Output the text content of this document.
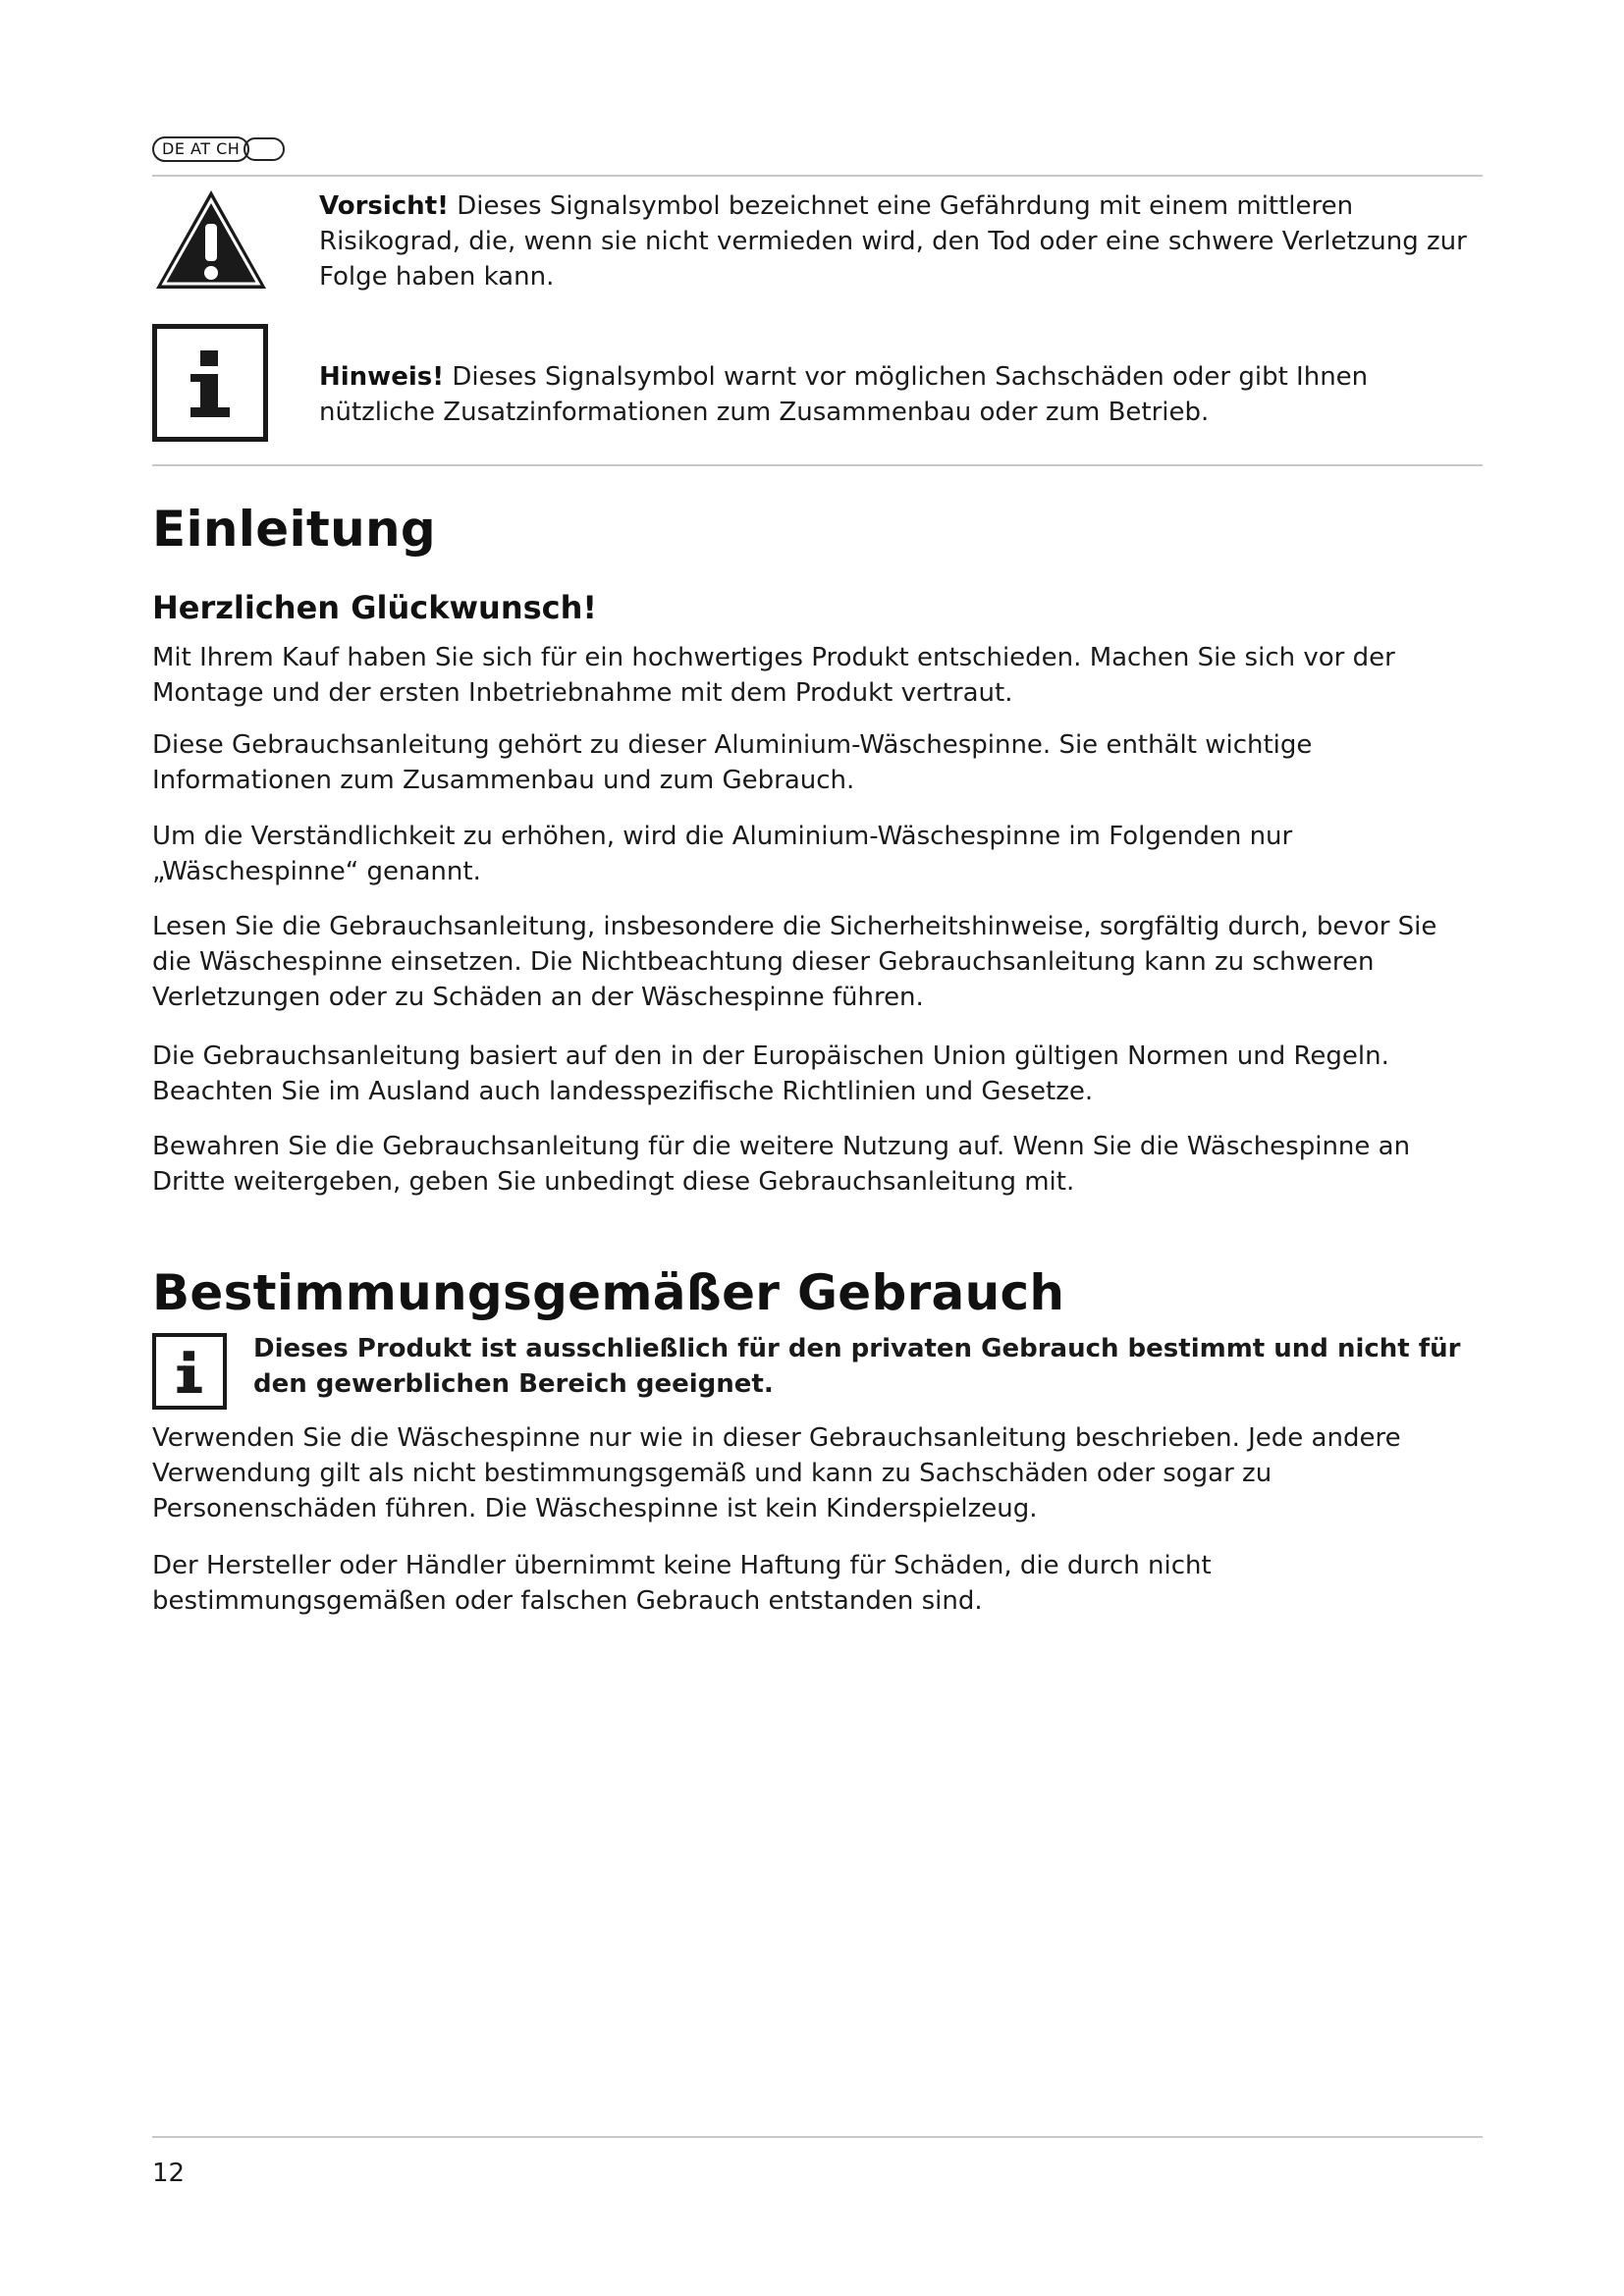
DE AT CH

Vorsicht! Dieses Signalsymbol bezeichnet eine Gefährdung mit einem mittleren Risikograd, die, wenn sie nicht vermieden wird, den Tod oder eine schwere Verletzung zur Folge haben kann.

Hinweis! Dieses Signalsymbol warnt vor möglichen Sachschäden oder gibt Ihnen nützliche Zusatzinformationen zum Zusammenbau oder zum Betrieb.

Einleitung
Herzlichen Glückwunsch!

Mit Ihrem Kauf haben Sie sich für ein hochwertiges Produkt entschieden. Machen Sie sich vor der Montage und der ersten Inbetriebnahme mit dem Produkt vertraut.

Diese Gebrauchsanleitung gehört zu dieser Aluminium-Wäschespinne. Sie enthält wichtige Informationen zum Zusammenbau und zum Gebrauch.

Um die Verständlichkeit zu erhöhen, wird die Aluminium-Wäschespinne im Folgenden nur „Wäschespinne“ genannt.

Lesen Sie die Gebrauchsanleitung, insbesondere die Sicherheitshinweise, sorgfältig durch, bevor Sie die Wäschespinne einsetzen. Die Nichtbeachtung dieser Gebrauchsanleitung kann zu schweren Verletzungen oder zu Schäden an der Wäschespinne führen.

Die Gebrauchsanleitung basiert auf den in der Europäischen Union gültigen Normen und Regeln. Beachten Sie im Ausland auch landesspezifische Richtlinien und Gesetze.

Bewahren Sie die Gebrauchsanleitung für die weitere Nutzung auf. Wenn Sie die Wäschespinne an Dritte weitergeben, geben Sie unbedingt diese Gebrauchsanleitung mit.

Bestimmungsgemäßer Gebrauch

Dieses Produkt ist ausschließlich für den privaten Gebrauch bestimmt und nicht für den gewerblichen Bereich geeignet.

Verwenden Sie die Wäschespinne nur wie in dieser Gebrauchsanleitung beschrieben. Jede andere Verwendung gilt als nicht bestimmungsgemäß und kann zu Sachschäden oder sogar zu Personenschäden führen. Die Wäschespinne ist kein Kinderspielzeug.

Der Hersteller oder Händler übernimmt keine Haftung für Schäden, die durch nicht bestimmungsgemäßen oder falschen Gebrauch entstanden sind.

12
